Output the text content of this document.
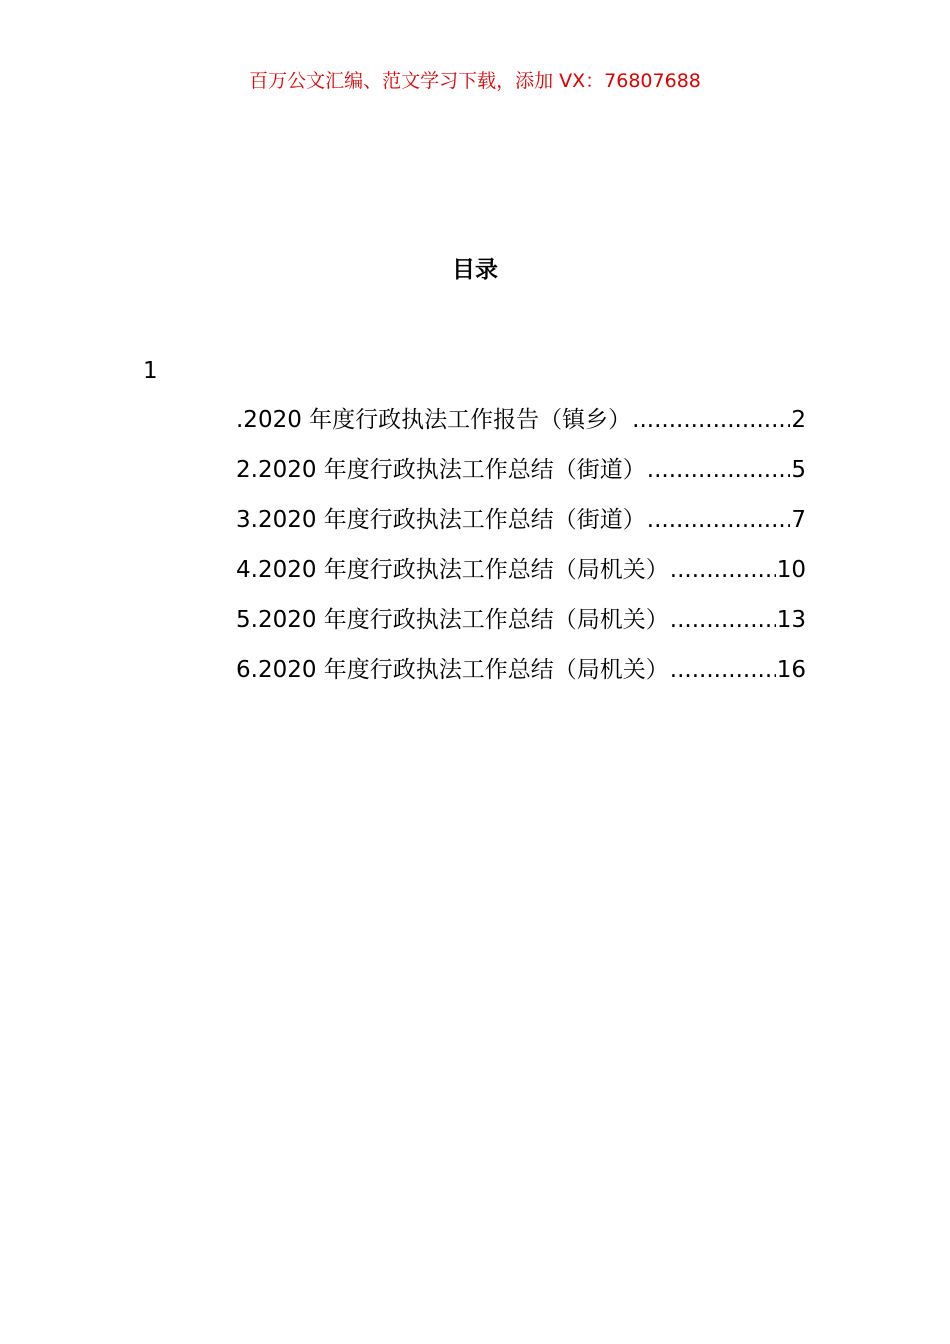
百万公文汇编、范文学习下载，添加 VX：76807688
目录
1
.2020 年度行政执法工作报告（镇乡） .....	2
2.2020 年度行政执法工作总结（街道） .....	5
3.2020 年度行政执法工作总结（街道） .....	7
4.2020 年度行政执法工作总结（局机关） .....	10
5.2020 年度行政执法工作总结（局机关） .....	13
6.2020 年度行政执法工作总结（局机关） .....	16
